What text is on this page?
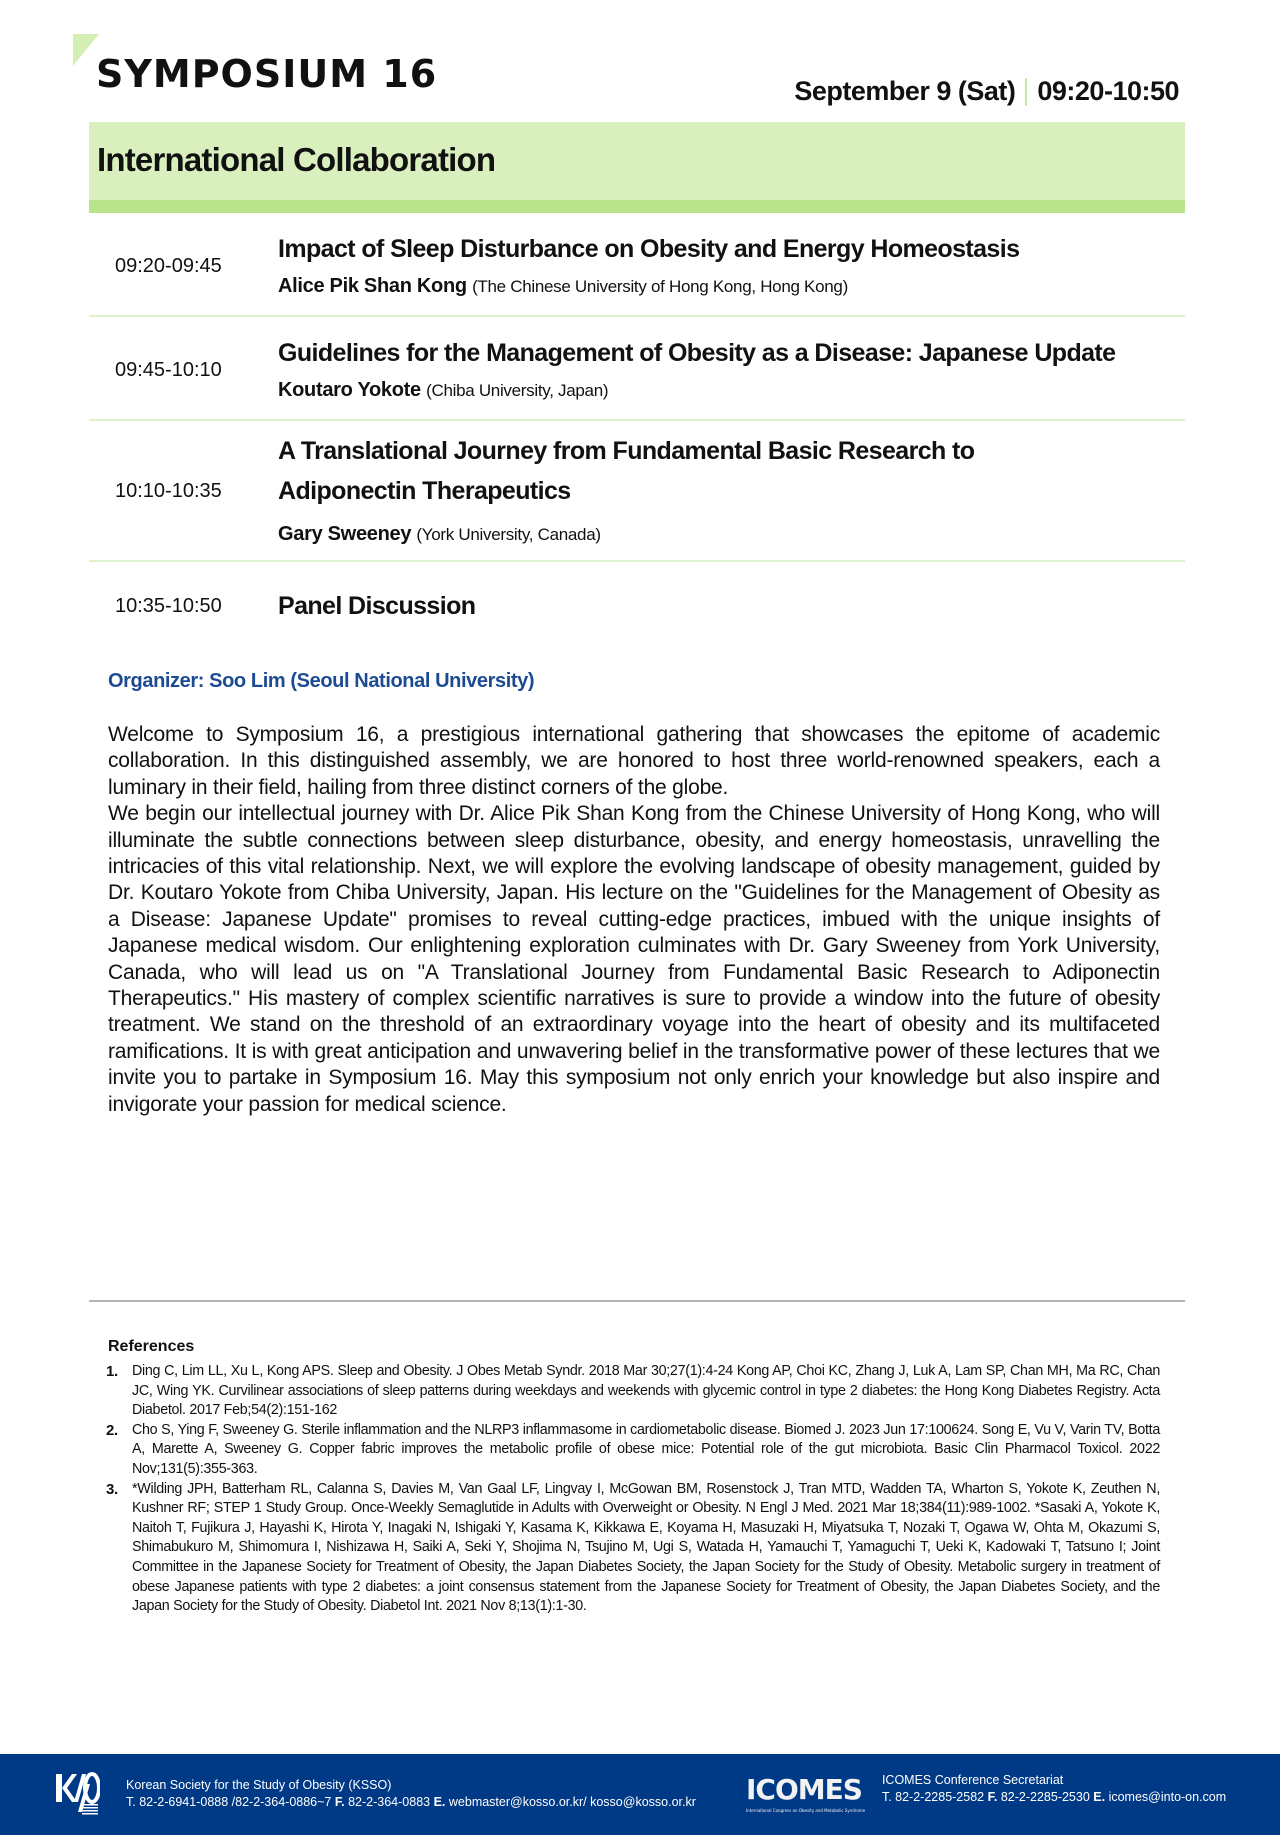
SYMPOSIUM 16	September 9 (Sat) 09:20-10:50
International Collaboration
09:20-09:45
Impact of Sleep Disturbance on Obesity and Energy Homeostasis
Alice Pik Shan Kong (The Chinese University of Hong Kong, Hong Kong)
09:45-10:10
Guidelines for the Management of Obesity as a Disease: Japanese Update
Koutaro Yokote (Chiba University, Japan)
10:10-10:35
A Translational Journey from Fundamental Basic Research to Adiponectin Therapeutics
Gary Sweeney (York University, Canada)
10:35-10:50	Panel Discussion
Organizer: Soo Lim (Seoul National University)

Welcome to Symposium 16, a prestigious international gathering that showcases the epitome of academic collaboration. In this distinguished assembly, we are honored to host three world-renowned speakers, each a luminary in their field, hailing from three distinct corners of the globe.

We begin our intellectual journey with Dr. Alice Pik Shan Kong from the Chinese University of Hong Kong, who will illuminate the subtle connections between sleep disturbance, obesity, and energy homeostasis, unravelling the intricacies of this vital relationship. Next, we will explore the evolving landscape of obesity management, guided by Dr. Koutaro Yokote from Chiba University, Japan. His lecture on the "Guidelines for the Management of Obesity as a Disease: Japanese Update" promises to reveal cutting-edge practices, imbued with the unique insights of Japanese medical wisdom. Our enlightening exploration culminates with Dr. Gary Sweeney from York University, Canada, who will lead us on "A Translational Journey from Fundamental Basic Research to Adiponectin Therapeutics." His mastery of complex scientific narratives is sure to provide a window into the future of obesity treatment. We stand on the threshold of an extraordinary voyage into the heart of obesity and its multifaceted ramifications. It is with great anticipation and unwavering belief in the transformative power of these lectures that we invite you to partake in Symposium 16. May this symposium not only enrich your knowledge but also inspire and invigorate your passion for medical science.

References
1. Ding C, Lim LL, Xu L, Kong APS. Sleep and Obesity. J Obes Metab Syndr. 2018 Mar 30;27(1):4-24 Kong AP, Choi KC, Zhang J, Luk A, Lam SP, Chan MH, Ma RC, Chan JC, Wing YK. Curvilinear associations of sleep patterns during weekdays and weekends with glycemic control in type 2 diabetes: the Hong Kong Diabetes Registry. Acta Diabetol. 2017 Feb;54(2):151-162
2. Cho S, Ying F, Sweeney G. Sterile inflammation and the NLRP3 inflammasome in cardiometabolic disease. Biomed J. 2023 Jun 17:100624. Song E, Vu V, Varin TV, Botta A, Marette A, Sweeney G. Copper fabric improves the metabolic profile of obese mice: Potential role of the gut microbiota. Basic Clin Pharmacol Toxicol. 2022 Nov;131(5):355-363.
3. *Wilding JPH, Batterham RL, Calanna S, Davies M, Van Gaal LF, Lingvay I, McGowan BM, Rosenstock J, Tran MTD, Wadden TA, Wharton S, Yokote K, Zeuthen N, Kushner RF; STEP 1 Study Group. Once-Weekly Semaglutide in Adults with Overweight or Obesity. N Engl J Med. 2021 Mar 18;384(11):989-1002. *Sasaki A, Yokote K, Naitoh T, Fujikura J, Hayashi K, Hirota Y, Inagaki N, Ishigaki Y, Kasama K, Kikkawa E, Koyama H, Masuzaki H, Miyatsuka T, Nozaki T, Ogawa W, Ohta M, Okazumi S, Shimabukuro M, Shimomura I, Nishizawa H, Saiki A, Seki Y, Shojima N, Tsujino M, Ugi S, Watada H, Yamauchi T, Yamaguchi T, Ueki K, Kadowaki T, Tatsuno I; Joint Committee in the Japanese Society for Treatment of Obesity, the Japan Diabetes Society, the Japan Society for the Study of Obesity. Metabolic surgery in treatment of obese Japanese patients with type 2 diabetes: a joint consensus statement from the Japanese Society for Treatment of Obesity, the Japan Diabetes Society, and the Japan Society for the Study of Obesity. Diabetol Int. 2021 Nov 8;13(1):1-30.
Korean Society for the Study of Obesity (KSSO)
T. 82-2-6941-0888 /82-2-364-0886~7 F. 82-2-364-0883 E. webmaster@kosso.or.kr/ kosso@kosso.or.kr ICOMES
International Congress on Obesity and Metabolic Syndrome
ICOMES Conference Secretariat
T. 82-2-2285-2582 F. 82-2-2285-2530 E. icomes@into-on.com
